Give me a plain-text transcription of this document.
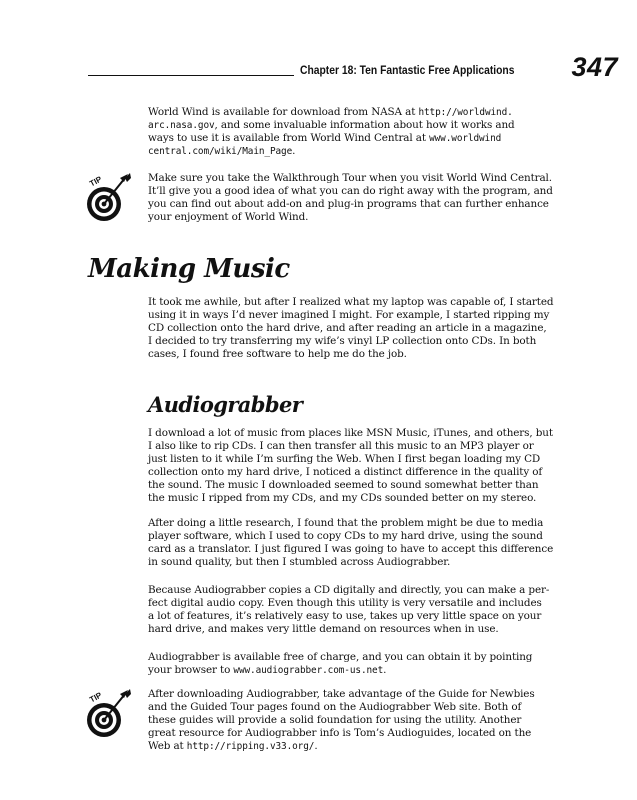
Chapter 18: Ten Fantastic Free Applications 347

World Wind is available for download from NASA at http://worldwind.
arc.nasa.gov, and some invaluable information about how it works and
ways to use it is available from World Wind Central at www.worldwind
central.com/wiki/Main_Page.

TIP	Make sure you take the Walkthrough Tour when you visit World Wind Central.
It’ll give you a good idea of what you can do right away with the program, and
you can find out about add-on and plug-in programs that can further enhance
your enjoyment of World Wind.

Making Music

It took me awhile, but after I realized what my laptop was capable of, I started
using it in ways I’d never imagined I might. For example, I started ripping my
CD collection onto the hard drive, and after reading an article in a magazine,
I decided to try transferring my wife’s vinyl LP collection onto CDs. In both
cases, I found free software to help me do the job.

Audiograbber

I download a lot of music from places like MSN Music, iTunes, and others, but
I also like to rip CDs. I can then transfer all this music to an MP3 player or
just listen to it while I’m surfing the Web. When I first began loading my CD
collection onto my hard drive, I noticed a distinct difference in the quality of
the sound. The music I downloaded seemed to sound somewhat better than
the music I ripped from my CDs, and my CDs sounded better on my stereo.

After doing a little research, I found that the problem might be due to media
player software, which I used to copy CDs to my hard drive, using the sound
card as a translator. I just figured I was going to have to accept this difference
in sound quality, but then I stumbled across Audiograbber.

Because Audiograbber copies a CD digitally and directly, you can make a per-
fect digital audio copy. Even though this utility is very versatile and includes
a lot of features, it’s relatively easy to use, takes up very little space on your
hard drive, and makes very little demand on resources when in use.

Audiograbber is available free of charge, and you can obtain it by pointing
your browser to www.audiograbber.com-us.net.

TIP	After downloading Audiograbber, take advantage of the Guide for Newbies
and the Guided Tour pages found on the Audiograbber Web site. Both of
these guides will provide a solid foundation for using the utility. Another
great resource for Audiograbber info is Tom’s Audioguides, located on the
Web at http://ripping.v33.org/.
